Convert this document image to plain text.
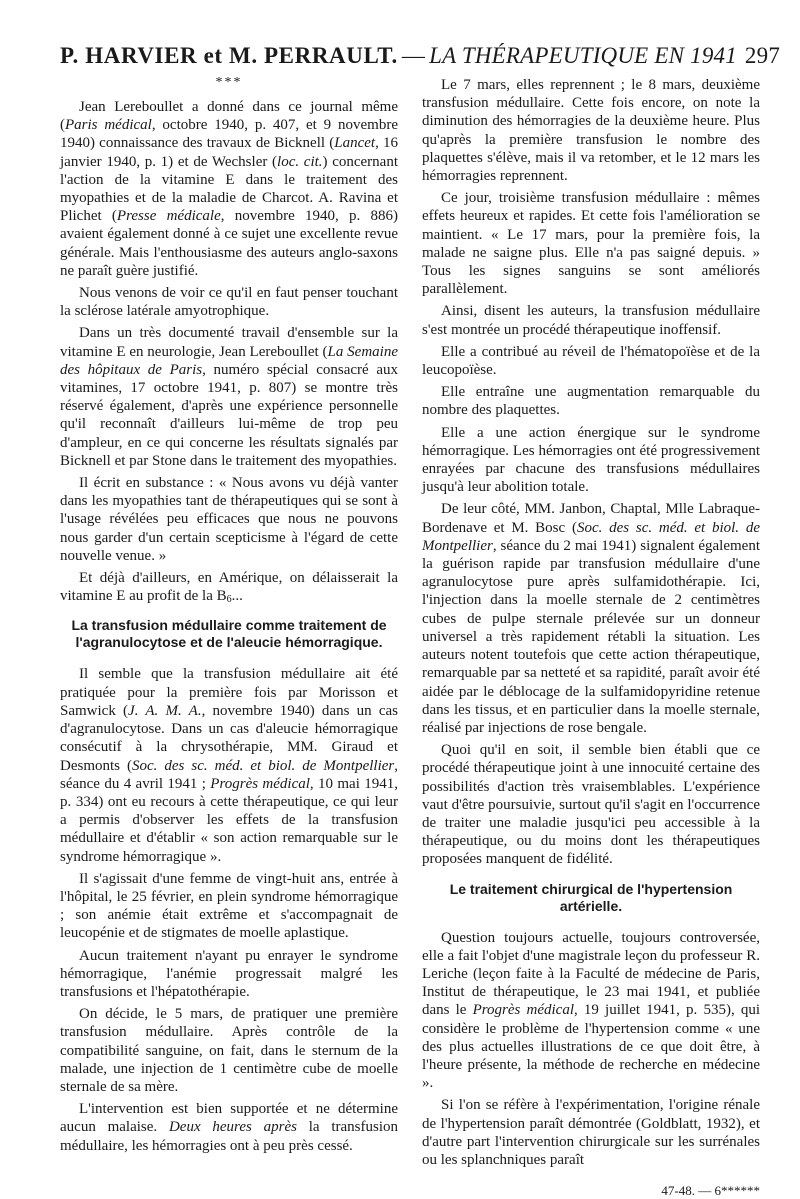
P. HARVIER et M. PERRAULT. — LA THÉRAPEUTIQUE EN 1941 297
***

Jean Lereboullet a donné dans ce journal même (Paris médical, octobre 1940, p. 407, et 9 novembre 1940) connaissance des travaux de Bicknell (Lancet, 16 janvier 1940, p. 1) et de Wechsler (loc. cit.) concernant l'action de la vitamine E dans le traitement des myopathies et de la maladie de Charcot. A. Ravina et Plichet (Presse médicale, novembre 1940, p. 886) avaient également donné à ce sujet une excellente revue générale. Mais l'enthousiasme des auteurs anglo-saxons ne paraît guère justifié.

Nous venons de voir ce qu'il en faut penser touchant la sclérose latérale amyotrophique.

Dans un très documenté travail d'ensemble sur la vitamine E en neurologie, Jean Lereboullet (La Semaine des hôpitaux de Paris, numéro spécial consacré aux vitamines, 17 octobre 1941, p. 807) se montre très réservé également, d'après une expérience personnelle qu'il reconnaît d'ailleurs lui-même de trop peu d'ampleur, en ce qui concerne les résultats signalés par Bicknell et par Stone dans le traitement des myopathies.

Il écrit en substance : « Nous avons vu déjà vanter dans les myopathies tant de thérapeutiques qui se sont à l'usage révélées peu efficaces que nous ne pouvons nous garder d'un certain scepticisme à l'égard de cette nouvelle venue. »

Et déjà d'ailleurs, en Amérique, on délaisserait la vitamine E au profit de la $B_6$...

La transfusion médullaire comme traitement de l'agranulocytose et de l'aleucie hémorragique.

Il semble que la transfusion médullaire ait été pratiquée pour la première fois par Morisson et Samwick (J. A. M. A., novembre 1940) dans un cas d'agranulocytose. Dans un cas d'aleucie hémorragique consécutif à la chrysothérapie, MM. Giraud et Desmonts (Soc. des sc. méd. et biol. de Montpellier, séance du 4 avril 1941 ; Progrès médical, 10 mai 1941, p. 334) ont eu recours à cette thérapeutique, ce qui leur a permis d'observer les effets de la transfusion médullaire et d'établir « son action remarquable sur le syndrome hémorragique ».

Il s'agissait d'une femme de vingt-huit ans, entrée à l'hôpital, le 25 février, en plein syndrome hémorragique ; son anémie était extrême et s'accompagnait de leucopénie et de stigmates de moelle aplastique.

Aucun traitement n'ayant pu enrayer le syndrome hémorragique, l'anémie progressait malgré les transfusions et l'hépatothérapie.

On décide, le 5 mars, de pratiquer une première transfusion médullaire. Après contrôle de la compatibilité sanguine, on fait, dans le sternum de la malade, une injection de 1 centimètre cube de moelle sternale de sa mère.

L'intervention est bien supportée et ne détermine aucun malaise. Deux heures après la transfusion médullaire, les hémorragies ont à peu près cessé.

Le 7 mars, elles reprennent ; le 8 mars, deuxième transfusion médullaire. Cette fois encore, on note la diminution des hémorragies de la deuxième heure. Plus qu'après la première transfusion le nombre des plaquettes s'élève, mais il va retomber, et le 12 mars les hémorragies reprennent.

Ce jour, troisième transfusion médullaire : mêmes effets heureux et rapides. Et cette fois l'amélioration se maintient. « Le 17 mars, pour la première fois, la malade ne saigne plus. Elle n'a pas saigné depuis. » Tous les signes sanguins se sont améliorés parallèlement.

Ainsi, disent les auteurs, la transfusion médullaire s'est montrée un procédé thérapeutique inoffensif.

Elle a contribué au réveil de l'hématopoïèse et de la leucopoïèse.

Elle entraîne une augmentation remarquable du nombre des plaquettes.

Elle a une action énergique sur le syndrome hémorragique. Les hémorragies ont été progressivement enrayées par chacune des transfusions médullaires jusqu'à leur abolition totale.

De leur côté, MM. Janbon, Chaptal, Mlle Labraque-Bordenave et M. Bosc (Soc. des sc. méd. et biol. de Montpellier, séance du 2 mai 1941) signalent également la guérison rapide par transfusion médullaire d'une agranulocytose pure après sulfamidothérapie. Ici, l'injection dans la moelle sternale de 2 centimètres cubes de pulpe sternale prélevée sur un donneur universel a très rapidement rétabli la situation. Les auteurs notent toutefois que cette action thérapeutique, remarquable par sa netteté et sa rapidité, paraît avoir été aidée par le déblocage de la sulfamidopyridine retenue dans les tissus, et en particulier dans la moelle sternale, réalisé par injections de rose bengale.

Quoi qu'il en soit, il semble bien établi que ce procédé thérapeutique joint à une innocuité certaine des possibilités d'action très vraisemblables. L'expérience vaut d'être poursuivie, surtout qu'il s'agit en l'occurrence de traiter une maladie jusqu'ici peu accessible à la thérapeutique, ou du moins dont les thérapeutiques proposées manquent de fidélité.

Le traitement chirurgical de l'hypertension artérielle.

Question toujours actuelle, toujours controversée, elle a fait l'objet d'une magistrale leçon du professeur R. Leriche (leçon faite à la Faculté de médecine de Paris, Institut de thérapeutique, le 23 mai 1941, et publiée dans le Progrès médical, 19 juillet 1941, p. 535), qui considère le problème de l'hypertension comme « une des plus actuelles illustrations de ce que doit être, à l'heure présente, la méthode de recherche en médecine ».

Si l'on se réfère à l'expérimentation, l'origine rénale de l'hypertension paraît démontrée (Goldblatt, 1932), et d'autre part l'intervention chirurgicale sur les surrénales ou les splanchniques paraît

47-48. — 6******
